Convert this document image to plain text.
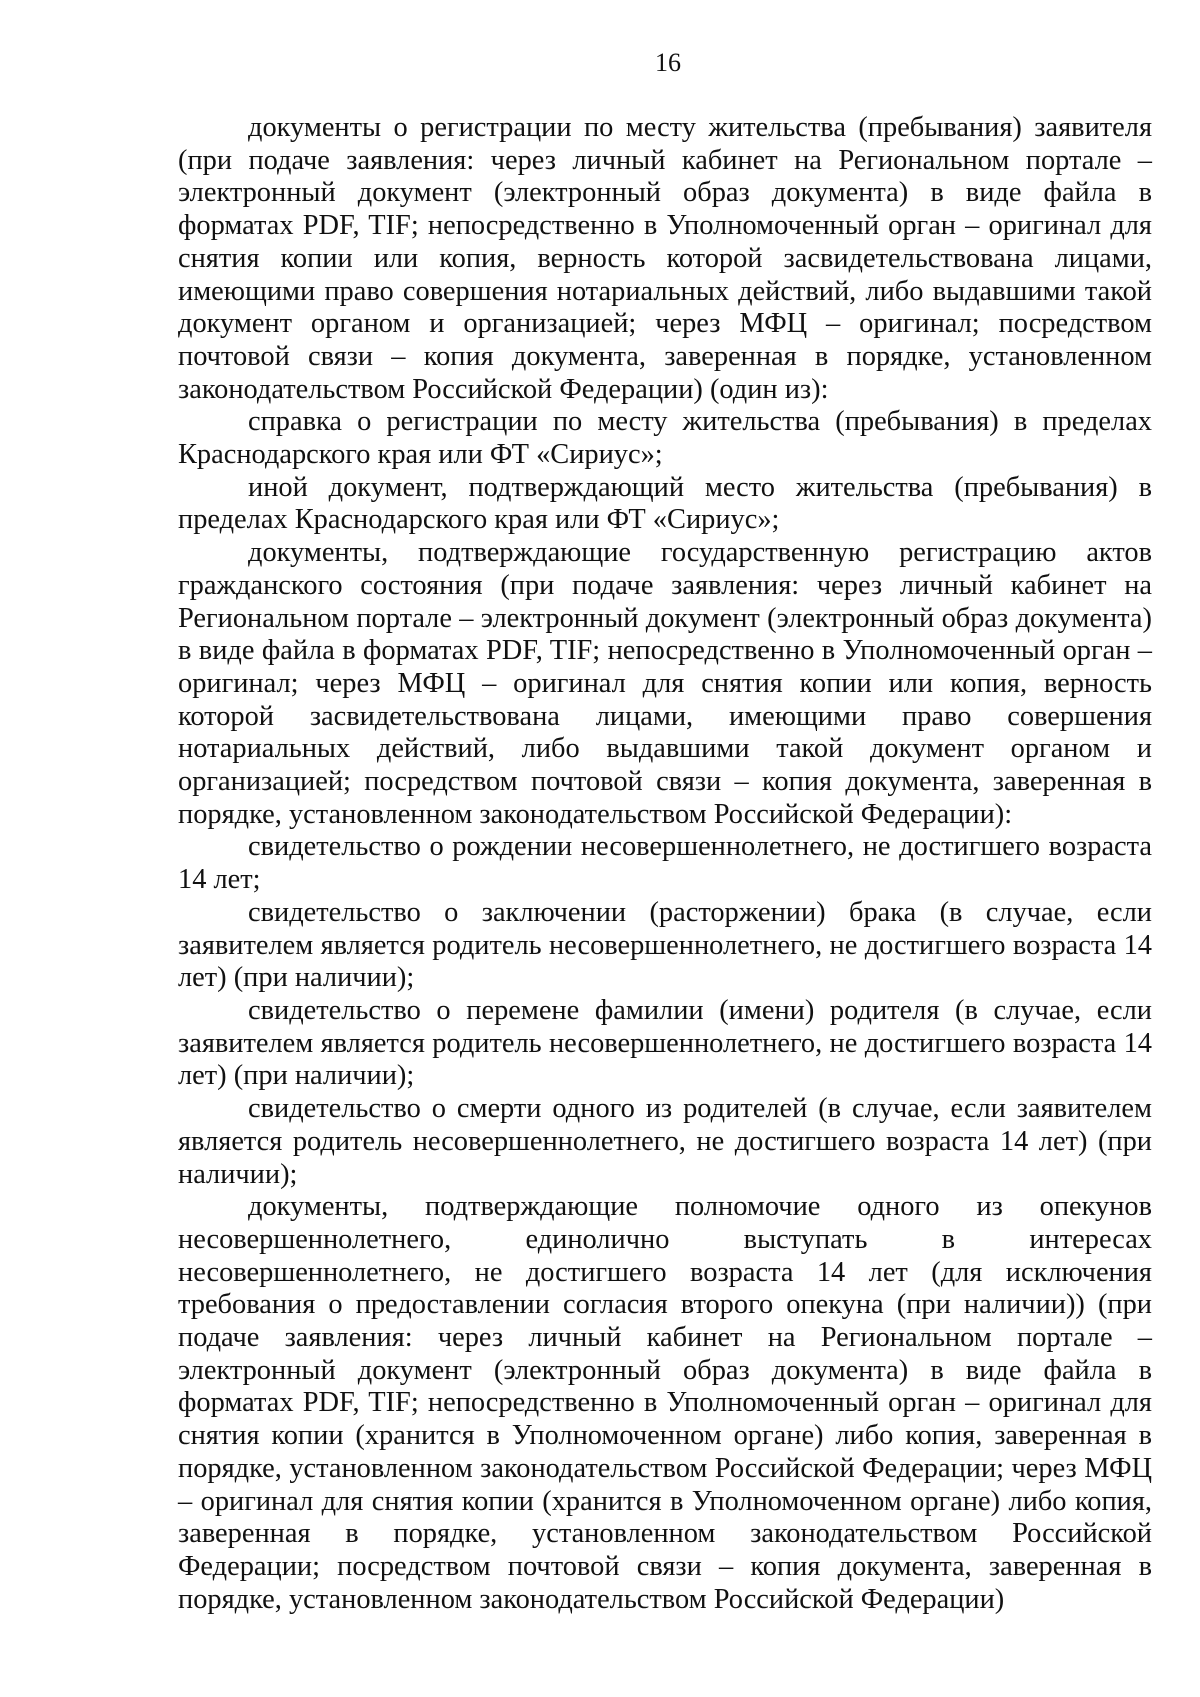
16

документы о регистрации по месту жительства (пребывания) заявителя (при подаче заявления: через личный кабинет на Региональном портале – электронный документ (электронный образ документа) в виде файла в форматах PDF, TIF; непосредственно в Уполномоченный орган – оригинал для снятия копии или копия, верность которой засвидетельствована лицами, имеющими право совершения нотариальных действий, либо выдавшими такой документ органом и организацией; через МФЦ – оригинал; посредством почтовой связи – копия документа, заверенная в порядке, установленном законодательством Российской Федерации) (один из):

справка о регистрации по месту жительства (пребывания) в пределах Краснодарского края или ФТ «Сириус»;

иной документ, подтверждающий место жительства (пребывания) в пределах Краснодарского края или ФТ «Сириус»;

документы, подтверждающие государственную регистрацию актов гражданского состояния (при подаче заявления: через личный кабинет на Региональном портале – электронный документ (электронный образ документа) в виде файла в форматах PDF, TIF; непосредственно в Уполномоченный орган – оригинал; через МФЦ – оригинал для снятия копии или копия, верность которой засвидетельствована лицами, имеющими право совершения нотариальных действий, либо выдавшими такой документ органом и организацией; посредством почтовой связи – копия документа, заверенная в порядке, установленном законодательством Российской Федерации):

свидетельство о рождении несовершеннолетнего, не достигшего возраста 14 лет;

свидетельство о заключении (расторжении) брака (в случае, если заявителем является родитель несовершеннолетнего, не достигшего возраста 14 лет) (при наличии);

свидетельство о перемене фамилии (имени) родителя (в случае, если заявителем является родитель несовершеннолетнего, не достигшего возраста 14 лет) (при наличии);

свидетельство о смерти одного из родителей (в случае, если заявителем является родитель несовершеннолетнего, не достигшего возраста 14 лет) (при наличии);

документы, подтверждающие полномочие одного из опекунов несовершеннолетнего, единолично выступать в интересах несовершеннолетнего, не достигшего возраста 14 лет (для исключения требования о предоставлении согласия второго опекуна (при наличии)) (при подаче заявления: через личный кабинет на Региональном портале – электронный документ (электронный образ документа) в виде файла в форматах PDF, TIF; непосредственно в Уполномоченный орган – оригинал для снятия копии (хранится в Уполномоченном органе) либо копия, заверенная в порядке, установленном законодательством Российской Федерации; через МФЦ – оригинал для снятия копии (хранится в Уполномоченном органе) либо копия, заверенная в порядке, установленном законодательством Российской Федерации; посредством почтовой связи – копия документа, заверенная в порядке, установленном законодательством Российской Федерации)
